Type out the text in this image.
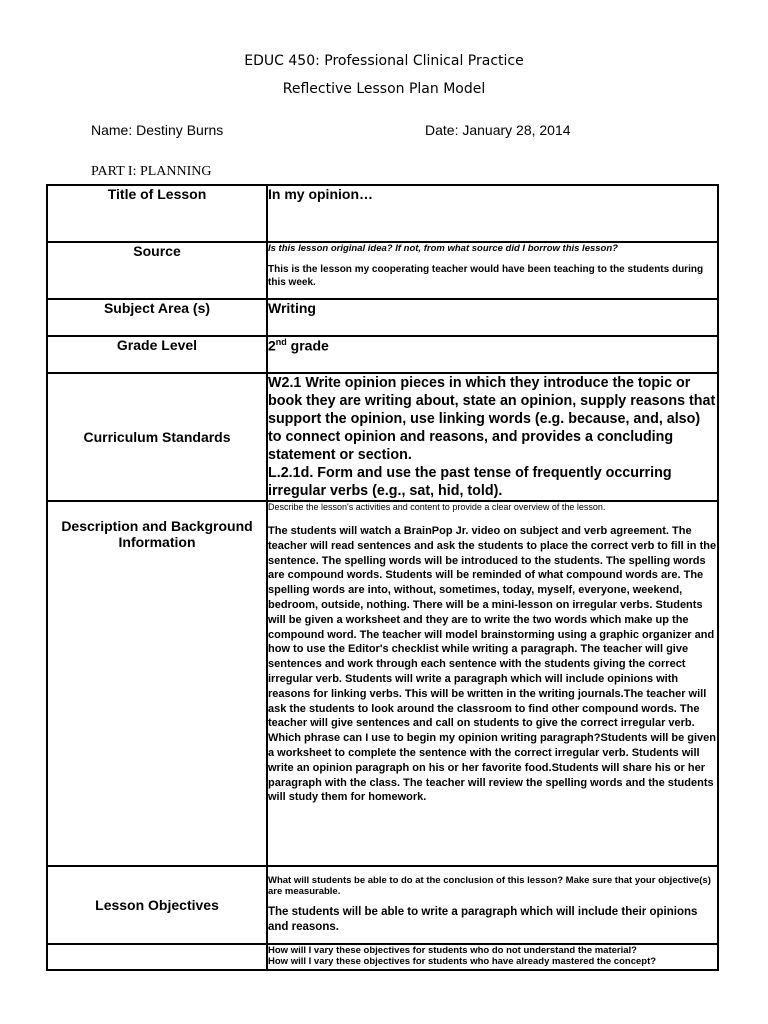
EDUC 450: Professional Clinical Practice
Reflective Lesson Plan Model
Name: Destiny Burns	Date: January 28, 2014
PART I: PLANNING
Title of Lesson	In my opinion…

Source	Is this lesson original idea? If not, from what source did I borrow this lesson?
This is the lesson my cooperating teacher would have been teaching to the students during this week.

Subject Area (s)	Writing

Grade Level	2nd grade

Curriculum Standards	W2.1 Write opinion pieces in which they introduce the topic or book they are writing about, state an opinion, supply reasons that support the opinion, use linking words (e.g. because, and, also) to connect opinion and reasons, and provides a concluding statement or section.
L.2.1d. Form and use the past tense of frequently occurring irregular verbs (e.g., sat, hid, told).

Description and Background Information	Describe the lesson's activities and content to provide a clear overview of the lesson.
The students will watch a BrainPop Jr. video on subject and verb agreement. The teacher will read sentences and ask the students to place the correct verb to fill in the sentence. The spelling words will be introduced to the students. The spelling words are compound words. Students will be reminded of what compound words are. The spelling words are into, without, sometimes, today, myself, everyone, weekend, bedroom, outside, nothing. There will be a mini-lesson on irregular verbs. Students will be given a worksheet and they are to write the two words which make up the compound word. The teacher will model brainstorming using a graphic organizer and how to use the Editor's checklist while writing a paragraph. The teacher will give sentences and work through each sentence with the students giving the correct irregular verb. Students will write a paragraph which will include opinions with reasons for linking verbs. This will be written in the writing journals.The teacher will ask the students to look around the classroom to find other compound words. The teacher will give sentences and call on students to give the correct irregular verb. Which phrase can I use to begin my opinion writing paragraph?Students will be given a worksheet to complete the sentence with the correct irregular verb. Students will write an opinion paragraph on his or her favorite food.Students will share his or her paragraph with the class. The teacher will review the spelling words and the students will study them for homework.

Lesson Objectives	What will students be able to do at the conclusion of this lesson? Make sure that your objective(s) are measurable.
The students will be able to write a paragraph which will include their opinions and reasons.

	How will I vary these objectives for students who do not understand the material?
How will I vary these objectives for students who have already mastered the concept?
